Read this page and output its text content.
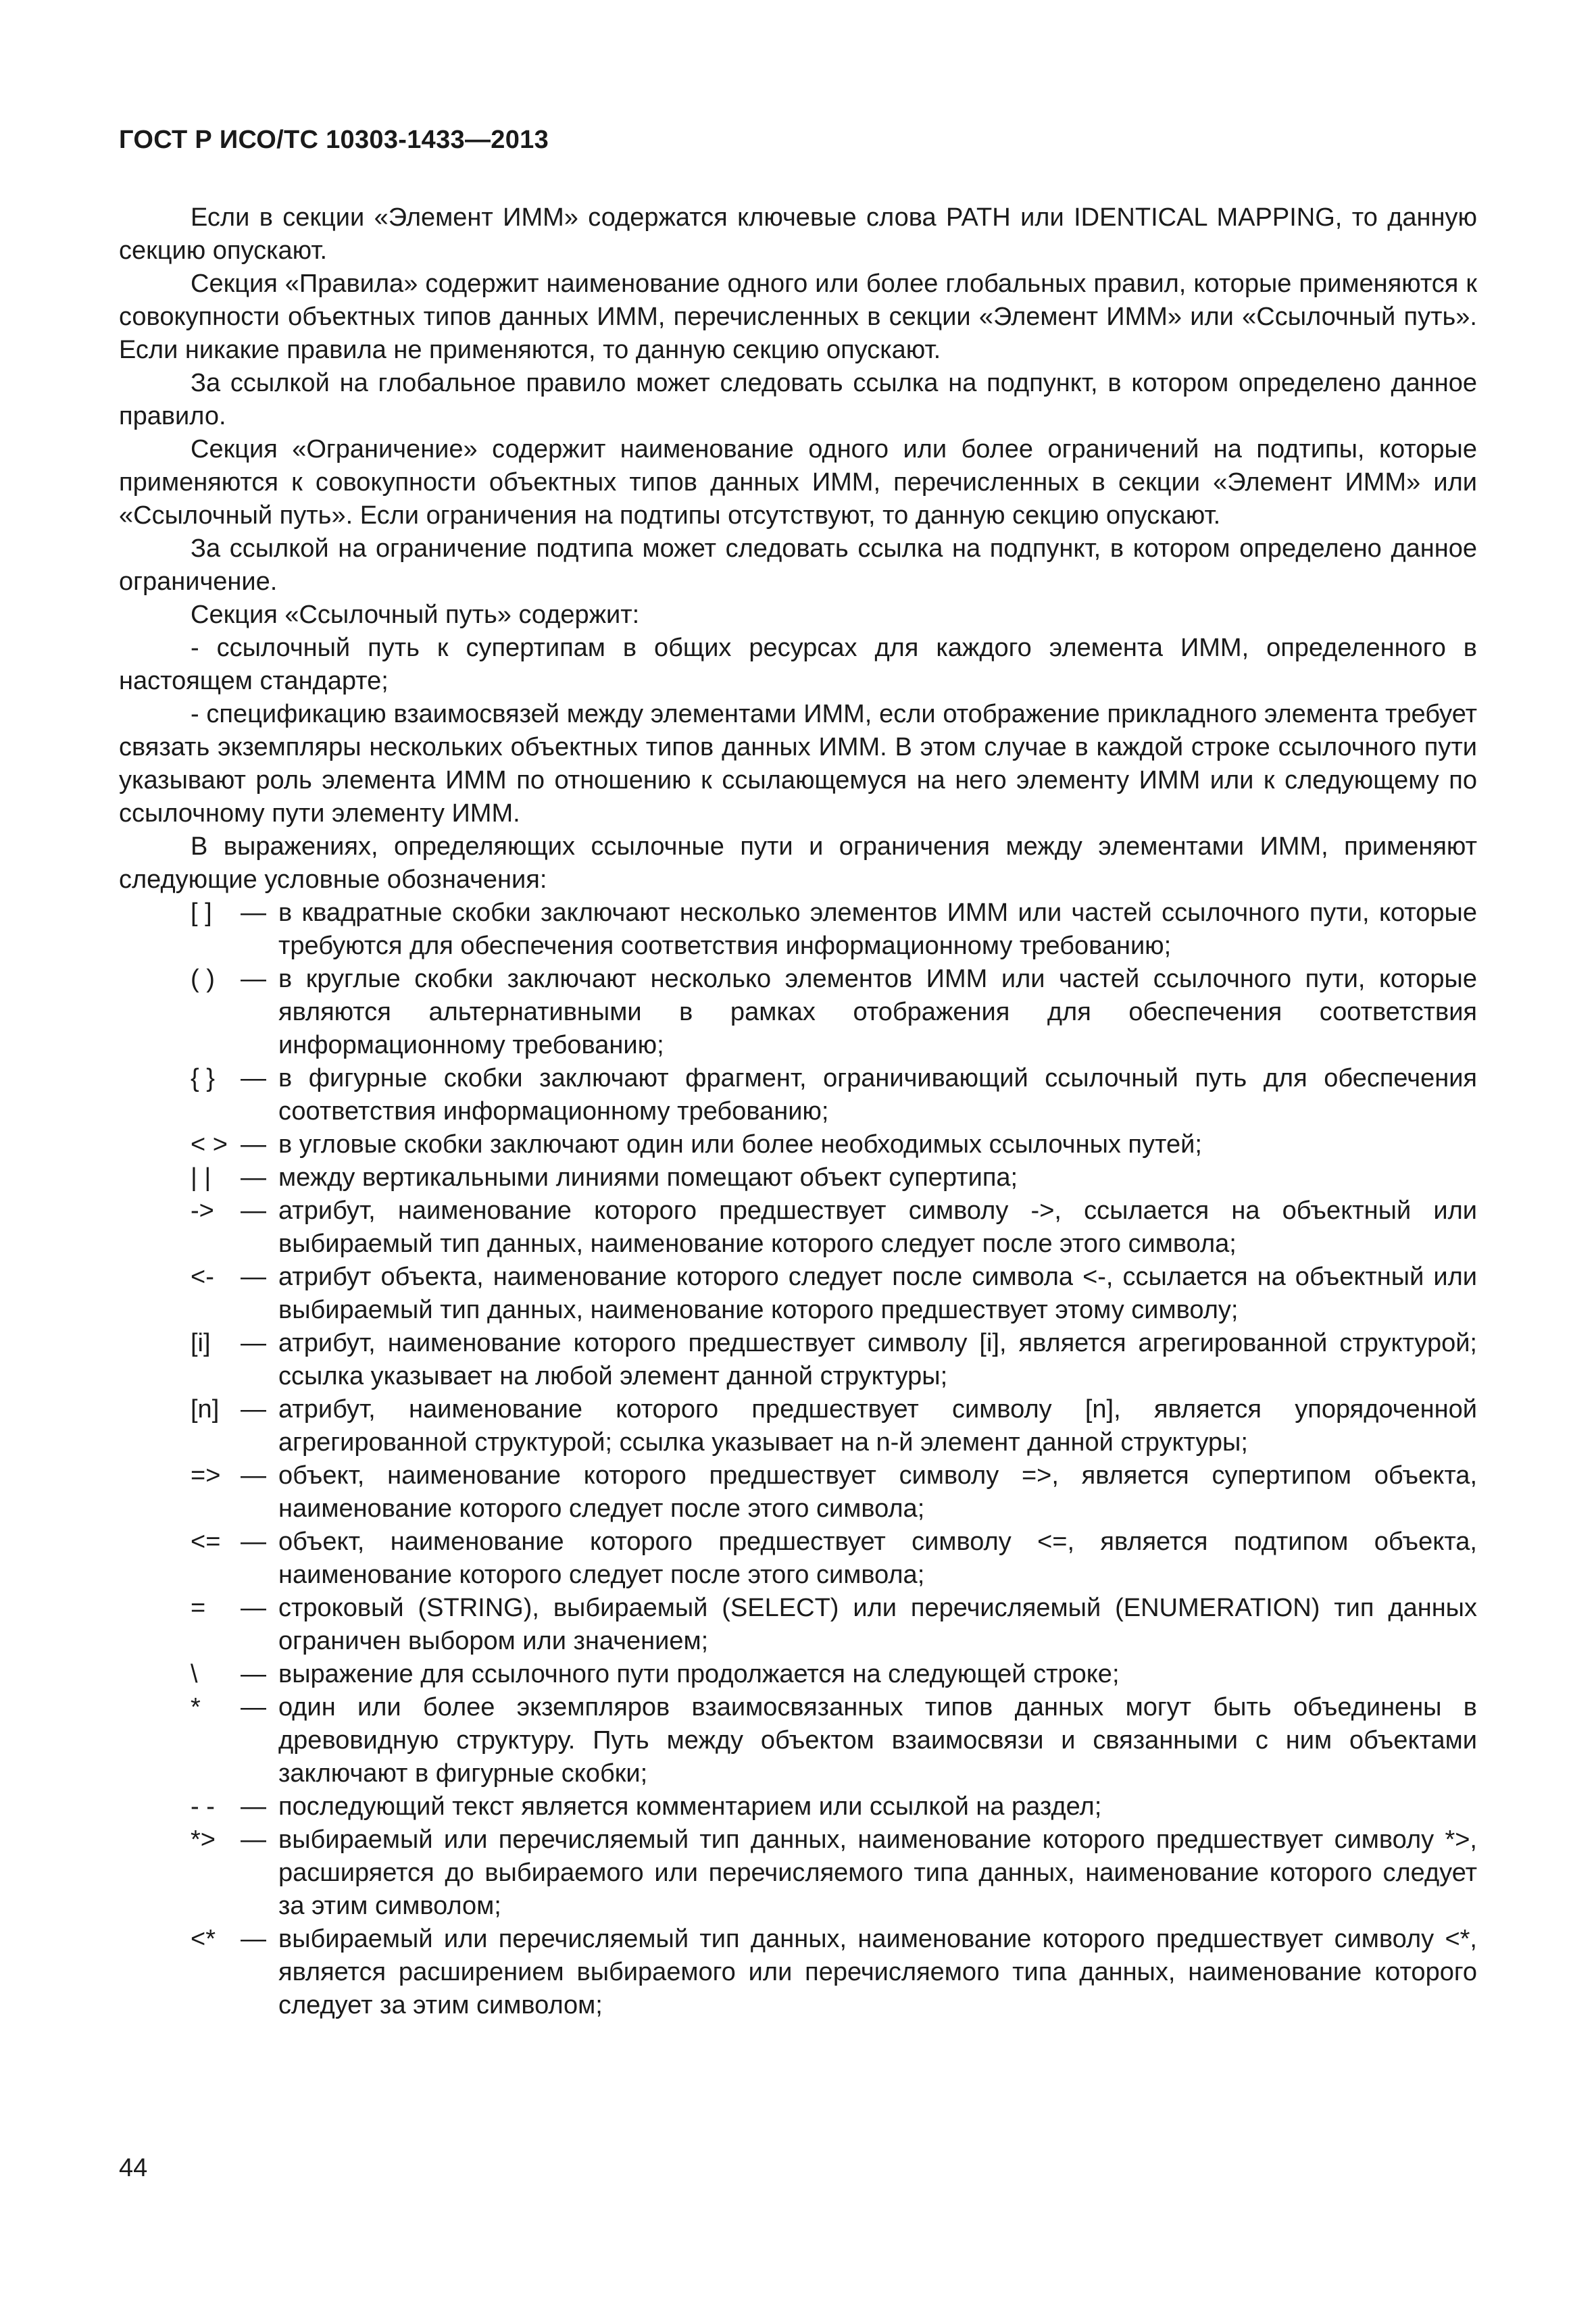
ГОСТ Р ИСО/ТС 10303-1433—2013

Если в секции «Элемент ИММ» содержатся ключевые слова PATH или IDENTICAL MAPPING, то данную секцию опускают.

Секция «Правила» содержит наименование одного или более глобальных правил, которые применяются к совокупности объектных типов данных ИММ, перечисленных в секции «Элемент ИММ» или «Ссылочный путь». Если никакие правила не применяются, то данную секцию опускают.

За ссылкой на глобальное правило может следовать ссылка на подпункт, в котором определено данное правило.

Секция «Ограничение» содержит наименование одного или более ограничений на подтипы, которые применяются к совокупности объектных типов данных ИММ, перечисленных в секции «Элемент ИММ» или «Ссылочный путь». Если ограничения на подтипы отсутствуют, то данную секцию опускают.

За ссылкой на ограничение подтипа может следовать ссылка на подпункт, в котором определено данное ограничение.

Секция «Ссылочный путь» содержит:

- ссылочный путь к супертипам в общих ресурсах для каждого элемента ИММ, определенного в настоящем стандарте;

- спецификацию взаимосвязей между элементами ИММ, если отображение прикладного элемента требует связать экземпляры нескольких объектных типов данных ИММ. В этом случае в каждой строке ссылочного пути указывают роль элемента ИММ по отношению к ссылающемуся на него элементу ИММ или к следующему по ссылочному пути элементу ИММ.

В выражениях, определяющих ссылочные пути и ограничения между элементами ИММ, применяют следующие условные обозначения:

[ ]	— в квадратные скобки заключают несколько элементов ИММ или частей ссылочного пути, которые требуются для обеспечения соответствия информационному требованию;
( )	— в круглые скобки заключают несколько элементов ИММ или частей ссылочного пути, которые являются альтернативными в рамках отображения для обеспечения соответствия информационному требованию;
{ }	— в фигурные скобки заключают фрагмент, ограничивающий ссылочный путь для обеспечения соответствия информационному требованию;
< > — в угловые скобки заключают один или более необходимых ссылочных путей;
| |	— между вертикальными линиями помещают объект супертипа;
->	— атрибут, наименование которого предшествует символу ->, ссылается на объектный или выбираемый тип данных, наименование которого следует после этого символа;
<-	— атрибут объекта, наименование которого следует после символа <-, ссылается на объектный или выбираемый тип данных, наименование которого предшествует этому символу;
[i]	— атрибут, наименование которого предшествует символу [i], является агрегированной структурой; ссылка указывает на любой элемент данной структуры;
[n] — атрибут, наименование которого предшествует символу [n], является упорядоченной агрегированной структурой; ссылка указывает на n-й элемент данной структуры;
=> — объект, наименование которого предшествует символу =>, является супертипом объекта, наименование которого следует после этого символа;
<= — объект, наименование которого предшествует символу <=, является подтипом объекта, наименование которого следует после этого символа;
=	— строковый (STRING), выбираемый (SELECT) или перечисляемый (ENUMERATION) тип данных ограничен выбором или значением;
\	— выражение для ссылочного пути продолжается на следующей строке;
*	— один или более экземпляров взаимосвязанных типов данных могут быть объединены в древовидную структуру. Путь между объектом взаимосвязи и связанными с ним объектами заключают в фигурные скобки;
- -	— последующий текст является комментарием или ссылкой на раздел;
*> — выбираемый или перечисляемый тип данных, наименование которого предшествует символу *>, расширяется до выбираемого или перечисляемого типа данных, наименование которого следует за этим символом;
<* — выбираемый или перечисляемый тип данных, наименование которого предшествует символу <*, является расширением выбираемого или перечисляемого типа данных, наименование которого следует за этим символом;
44
